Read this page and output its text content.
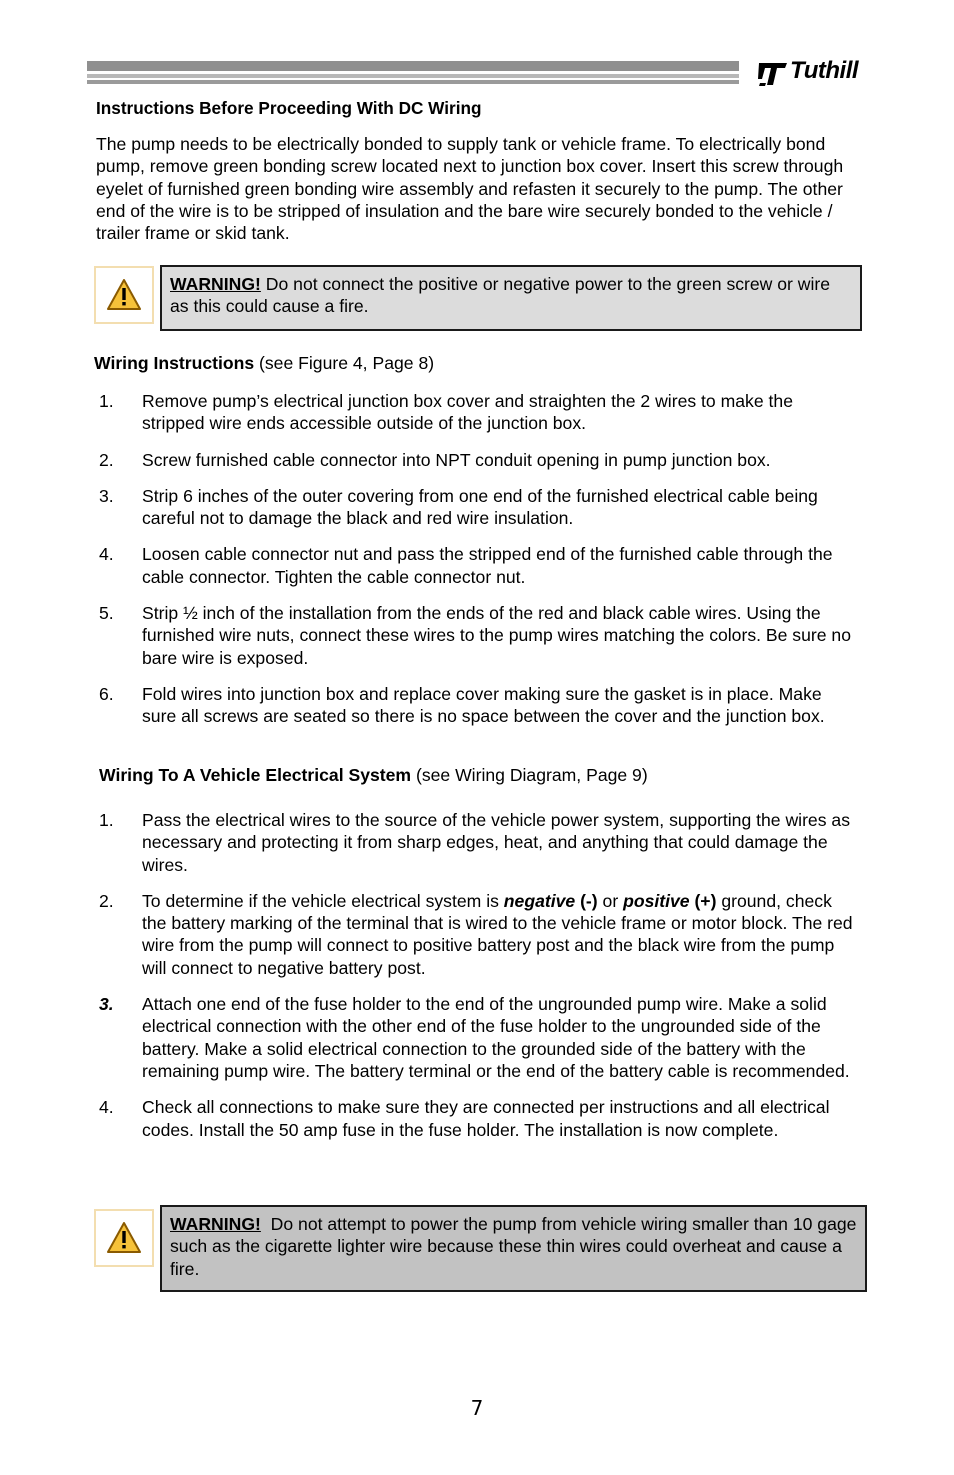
Tuthill
Instructions Before Proceeding With DC Wiring
The pump needs to be electrically bonded to supply tank or vehicle frame. To electrically bond pump, remove green bonding screw located next to junction box cover. Insert this screw through eyelet of furnished green bonding wire assembly and refasten it securely to the pump. The other end of the wire is to be stripped of insulation and the bare wire securely bonded to the vehicle / trailer frame or skid tank.
WARNING! Do not connect the positive or negative power to the green screw or wire as this could cause a fire.
Wiring Instructions (see Figure 4, Page 8)
1. Remove pump’s electrical junction box cover and straighten the 2 wires to make the stripped wire ends accessible outside of the junction box.
2. Screw furnished cable connector into NPT conduit opening in pump junction box.
3. Strip 6 inches of the outer covering from one end of the furnished electrical cable being careful not to damage the black and red wire insulation.
4. Loosen cable connector nut and pass the stripped end of the furnished cable through the cable connector. Tighten the cable connector nut.
5. Strip ½ inch of the installation from the ends of the red and black cable wires. Using the furnished wire nuts, connect these wires to the pump wires matching the colors. Be sure no bare wire is exposed.
6. Fold wires into junction box and replace cover making sure the gasket is in place. Make sure all screws are seated so there is no space between the cover and the junction box.
Wiring To A Vehicle Electrical System (see Wiring Diagram, Page 9)
1. Pass the electrical wires to the source of the vehicle power system, supporting the wires as necessary and protecting it from sharp edges, heat, and anything that could damage the wires.
2. To determine if the vehicle electrical system is negative (-) or positive (+) ground, check the battery marking of the terminal that is wired to the vehicle frame or motor block. The red wire from the pump will connect to positive battery post and the black wire from the pump will connect to negative battery post.
3. Attach one end of the fuse holder to the end of the ungrounded pump wire. Make a solid electrical connection with the other end of the fuse holder to the ungrounded side of the battery. Make a solid electrical connection to the grounded side of the battery with the remaining pump wire. The battery terminal or the end of the battery cable is recommended.
4. Check all connections to make sure they are connected per instructions and all electrical codes. Install the 50 amp fuse in the fuse holder. The installation is now complete.
WARNING!  Do not attempt to power the pump from vehicle wiring smaller than 10 gage such as the cigarette lighter wire because these thin wires could overheat and cause a fire.
7
